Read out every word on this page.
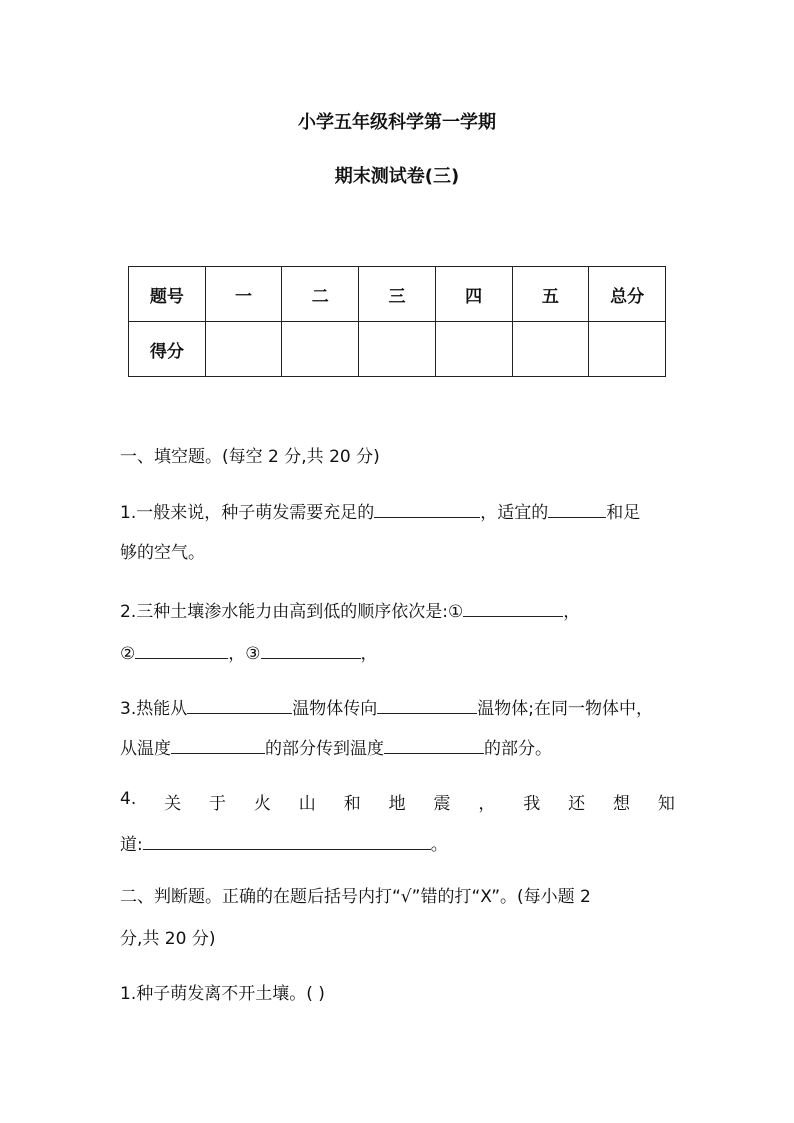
小学五年级科学第一学期
期末测试卷(三)
题号	一	二	三	四	五	总分
得分						
一、填空题。(每空 2 分,共 20 分)
1.一般来说，种子萌发需要充足的	，适宜的	和足
够的空气。
2.三种土壤渗水能力由高到低的顺序依次是:①	，
②	，③	，
3.热能从	温物体传向	温物体;在同一物体中，
从温度	的部分传到温度	的部分。
4. 关 于 火 山 和 地 震 ， 我 还 想 知
道:	。
二、判断题。正确的在题后括号内打“√”错的打“X”。(每小题 2
分,共 20 分)
1.种子萌发离不开土壤。( )
